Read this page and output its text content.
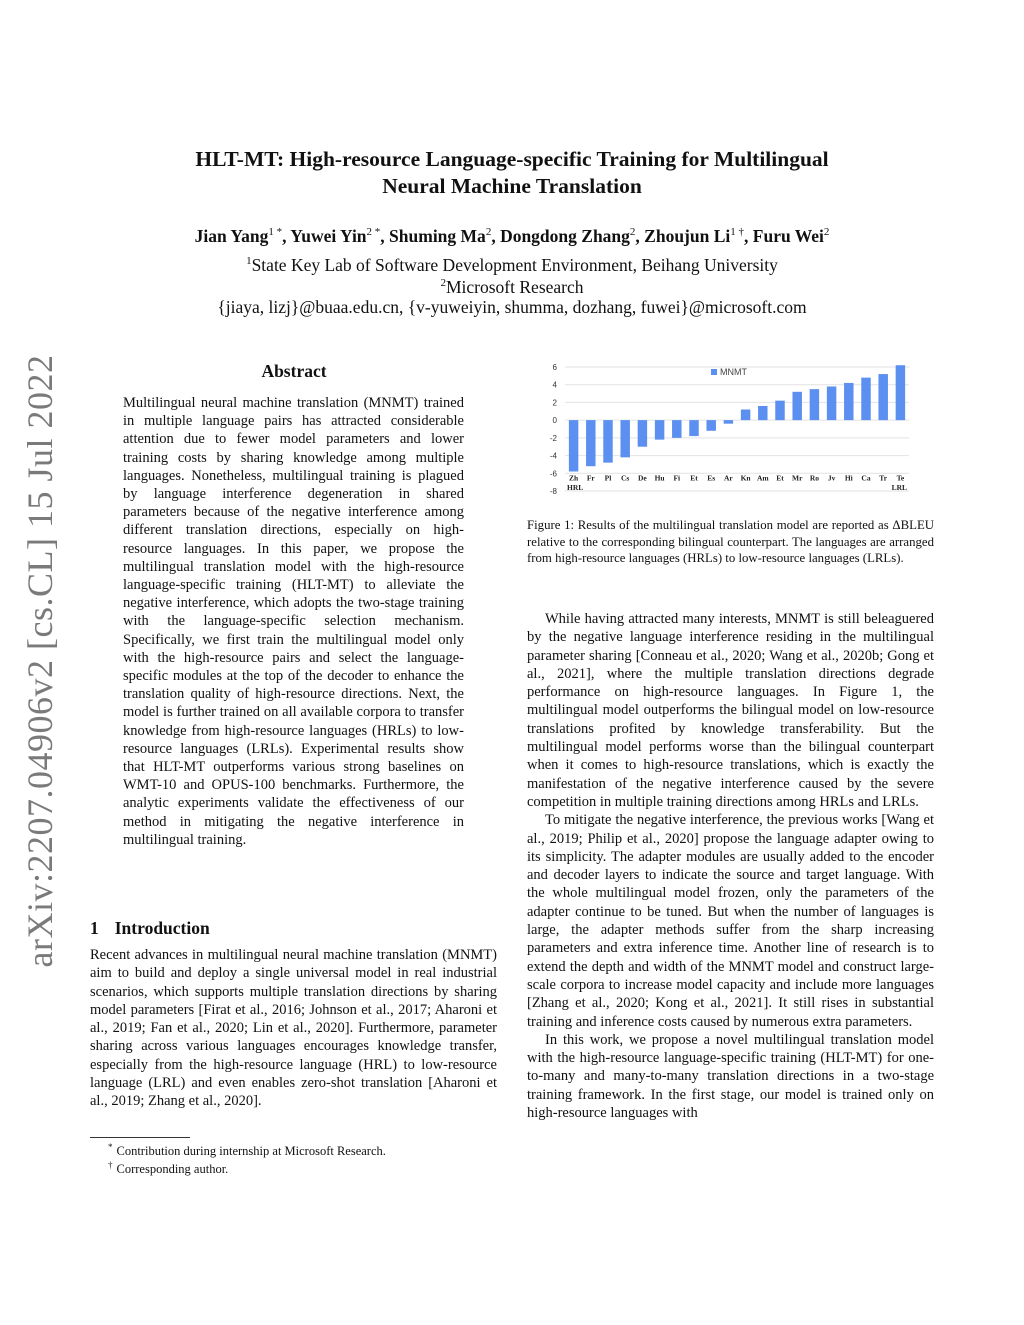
arXiv:2207.04906v2 [cs.CL] 15 Jul 2022
HLT-MT: High-resource Language-specific Training for Multilingual
Neural Machine Translation
Jian Yang$^{1 *}$, Yuwei Yin$^{2 *}$, Shuming Ma$^2$, Dongdong Zhang$^2$, Zhoujun $Li^{1 \dagger}$, Furu Wei$^2$
$^1$State Key Lab of Software Development Environment, Beihang University
$^2$Microsoft Research
{jiaya, lizj}@buaa.edu.cn, {v-yuweiyin, shumma, dozhang, fuwei}@microsoft.com
Abstract
Multilingual neural machine translation (MNMT) trained in multiple language pairs has attracted considerable attention due to fewer model parameters and lower training costs by sharing knowledge among multiple languages. Nonetheless, multilingual training is plagued by language interference degeneration in shared parameters because of the negative interference among different translation directions, especially on high-resource languages. In this paper, we propose the multilingual translation model with the high-resource language-specific training (HLT-MT) to alleviate the negative interference, which adopts the two-stage training with the language-specific selection mechanism. Specifically, we first train the multilingual model only with the high-resource pairs and select the language-specific modules at the top of the decoder to enhance the translation quality of high-resource directions. Next, the model is further trained on all available corpora to transfer knowledge from high-resource languages (HRLs) to low-resource languages (LRLs). Experimental results show that HLT-MT outperforms various strong baselines on WMT-10 and OPUS-100 benchmarks. Furthermore, the analytic experiments validate the effectiveness of our method in mitigating the negative interference in multilingual training.
1 Introduction
Recent advances in multilingual neural machine translation (MNMT) aim to build and deploy a single universal model in real industrial scenarios, which supports multiple translation directions by sharing model parameters [Firat et al., 2016; Johnson et al., 2017; Aharoni et al., 2019; Fan et al., 2020; Lin et al., 2020]. Furthermore, parameter sharing across various languages encourages knowledge transfer, especially from the high-resource language (HRL) to low-resource language (LRL) and even enables zero-shot translation [Aharoni et al., 2019; Zhang et al., 2020].
* Contribution during internship at Microsoft Research.
† Corresponding author.
6
4
2
0
-2
-4
-6
-8
Zh Fr Pl Cs De Hu Fi Et Es Ar Kn Am Et Mr Ro Jv Hi Ca Tr Te
HRL	LRL
MNMT
Figure 1: Results of the multilingual translation model are reported as ΔBLEU relative to the corresponding bilingual counterpart. The languages are arranged from high-resource languages (HRLs) to low-resource languages (LRLs).

While having attracted many interests, MNMT is still beleaguered by the negative language interference residing in the multilingual parameter sharing [Conneau et al., 2020; Wang et al., 2020b; Gong et al., 2021], where the multiple translation directions degrade performance on high-resource languages. In Figure 1, the multilingual model outperforms the bilingual model on low-resource translations profited by knowledge transferability. But the multilingual model performs worse than the bilingual counterpart when it comes to high-resource translations, which is exactly the manifestation of the negative interference caused by the severe competition in multiple training directions among HRLs and LRLs.

To mitigate the negative interference, the previous works [Wang et al., 2019; Philip et al., 2020] propose the language adapter owing to its simplicity. The adapter modules are usually added to the encoder and decoder layers to indicate the source and target language. With the whole multilingual model frozen, only the parameters of the adapter continue to be tuned. But when the number of languages is large, the adapter methods suffer from the sharp increasing parameters and extra inference time. Another line of research is to extend the depth and width of the MNMT model and construct large-scale corpora to increase model capacity and include more languages [Zhang et al., 2020; Kong et al., 2021]. It still rises in substantial training and inference costs caused by numerous extra parameters.

In this work, we propose a novel multilingual translation model with the high-resource language-specific training (HLT-MT) for one-to-many and many-to-many translation directions in a two-stage training framework. In the first stage, our model is trained only on high-resource languages with
